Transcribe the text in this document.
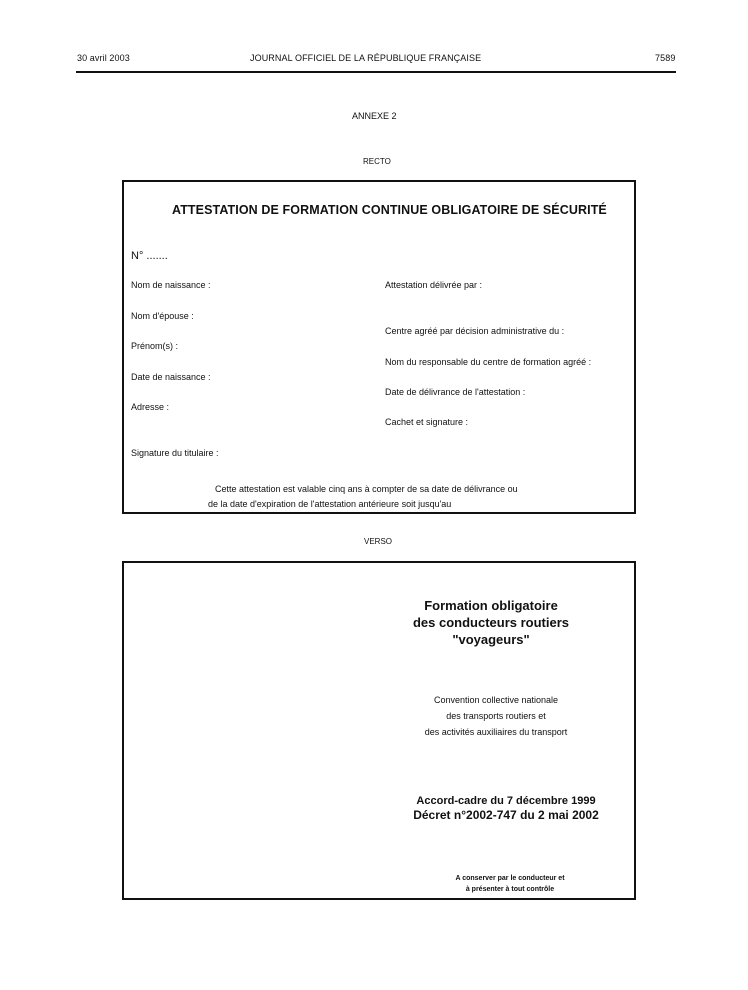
30 avril 2003	JOURNAL OFFICIEL DE LA RÉPUBLIQUE FRANÇAISE	7589
ANNEXE 2
RECTO
ATTESTATION DE FORMATION CONTINUE OBLIGATOIRE DE SÉCURITÉ
N° .......
Nom de naissance :
Nom d'épouse :
Prénom(s) :
Date de naissance :
Adresse :
Signature du titulaire :
Attestation délivrée par :
Centre agréé par décision administrative du :
Nom du responsable du centre de formation agréé :
Date de délivrance de l'attestation :
Cachet et signature :
Cette attestation est valable cinq ans à compter de sa date de délivrance ou
de la date d'expiration de l'attestation antérieure soit jusqu'au
VERSO
Formation obligatoire
des conducteurs routiers
"voyageurs"
Convention collective nationale
des transports routiers et
des activités auxiliaires du transport
Accord-cadre du 7 décembre 1999
Décret n°2002-747 du 2 mai 2002
A conserver par le conducteur et
à présenter à tout contrôle
